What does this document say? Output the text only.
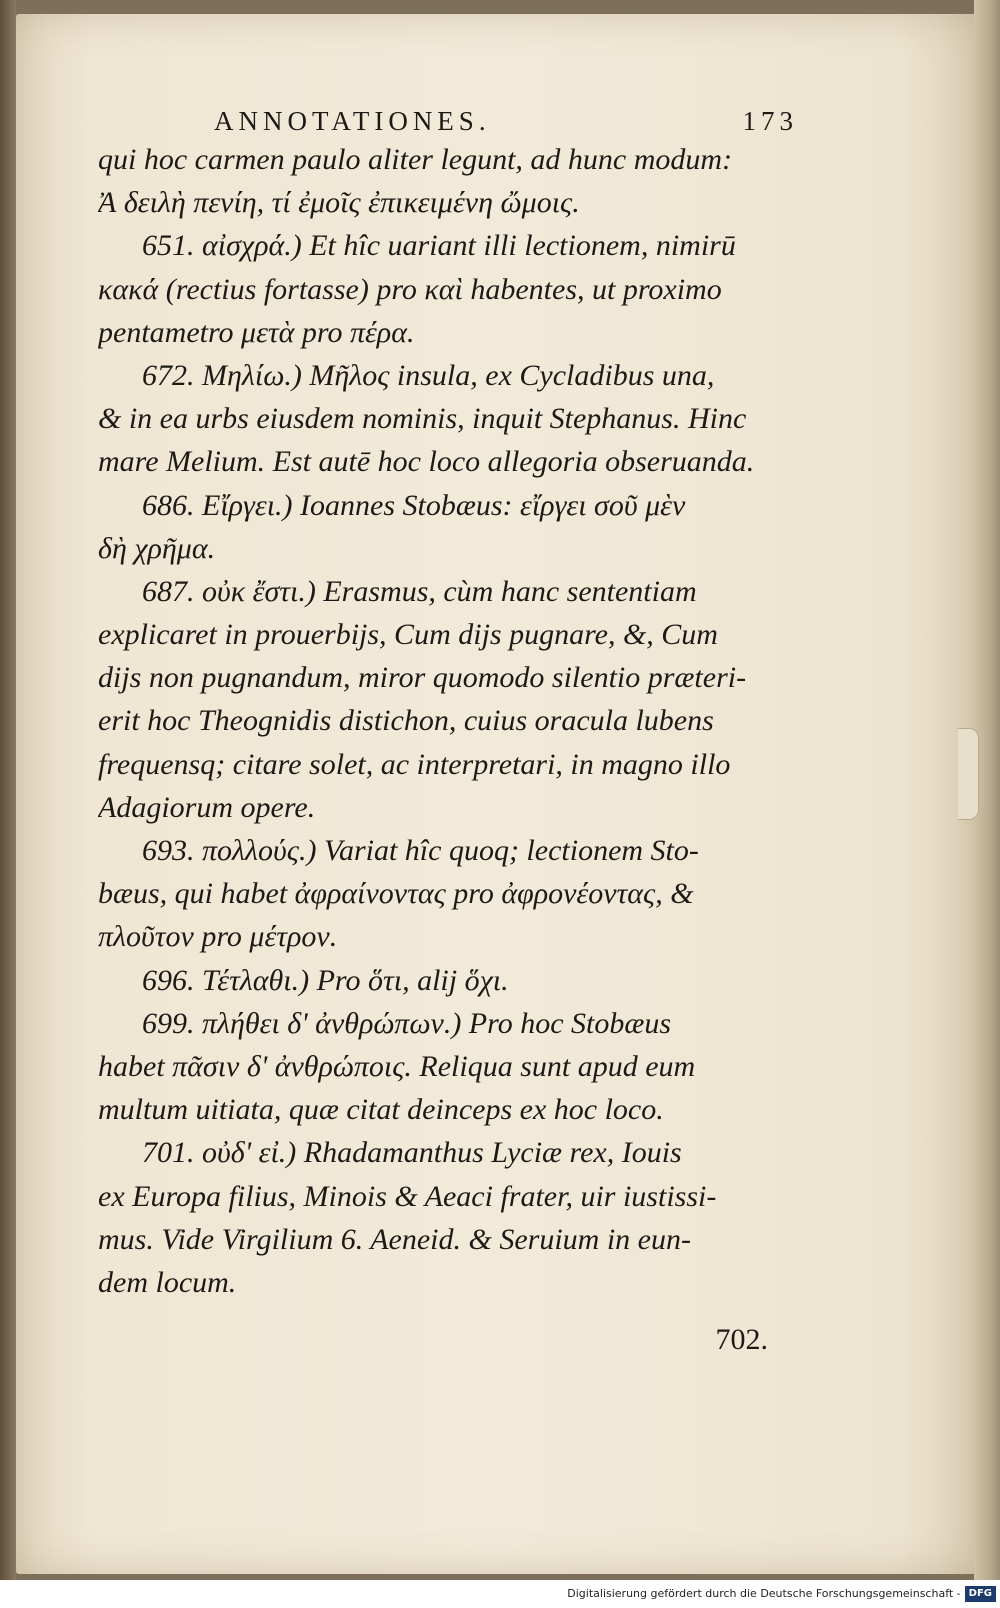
ANNOTATIONES.	173
qui hoc carmen paulo aliter legunt, ad hunc modum:
Ἀ δειλὴ πενίη, τί ἐμοῖς ἐπικειμένη ὤμοις.
651. αἰσχρά.) Et hîc uariant illi lectionem, nimirū
κακά (rectius fortasse) pro καὶ habentes, ut proximo
pentametro μετὰ pro πέρα.
672. Μηλίω.) Μῆλος insula, ex Cycladibus una,
& in ea urbs eiusdem nominis, inquit Stephanus. Hinc
mare Melium. Est autē hoc loco allegoria obseruanda.
686. Εἴργει.) Ioannes Stobæus: εἴργει σοῦ μὲν
δὴ χρῆμα.
687. οὐκ ἔστι.) Erasmus, cùm hanc sententiam
explicaret in prouerbijs, Cum dijs pugnare, &, Cum
dijs non pugnandum, miror quomodo silentio præteri-
erit hoc Theognidis distichon, cuius oracula lubens
frequensq; citare solet, ac interpretari, in magno illo
Adagiorum opere.
693. πολλούς.) Variat hîc quoq; lectionem Sto-
bæus, qui habet ἀφραίνοντας pro ἀφρονέοντας, &
πλοῦτον pro μέτρον.
696. Τέτλαθι.) Pro ὅτι, alij ὅχι.
699. πλήθει δ' ἀνθρώπων.) Pro hoc Stobæus
habet πᾶσιν δ' ἀνθρώποις. Reliqua sunt apud eum
multum uitiata, quæ citat deinceps ex hoc loco.
701. οὐδ' εἰ.) Rhadamanthus Lyciæ rex, Iouis
ex Europa filius, Minois & Aeaci frater, uir iustissi-
mus. Vide Virgilium 6. Aeneid. & Seruium in eun-
dem locum.
702.
Digitalisierung gefördert durch die Deutsche Forschungsgemeinschaft - DFG
